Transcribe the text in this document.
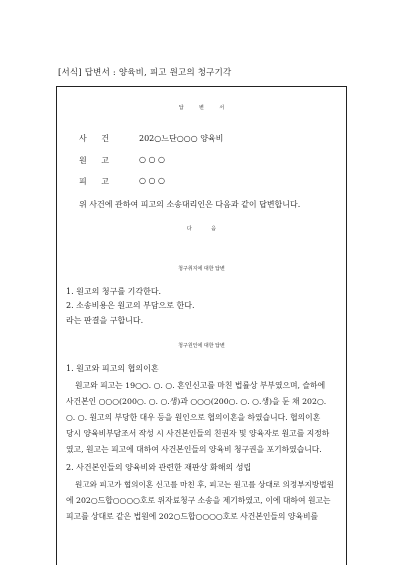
[서식] 답변서 : 양육비, 피고 원고의 청구기각
답 변 서
사 건	202○느단○○○ 양육비
원 고	○ ○ ○
피 고	○ ○ ○
위 사건에 관하여 피고의 소송대리인은 다음과 같이 답변합니다.
다 음
청구취지에 대한 답변
1. 원고의 청구를 기각한다.
2. 소송비용은 원고의 부담으로 한다.
라는 판결을 구합니다.
청구원인에 대한 답변
1. 원고와 피고의 협의이혼
원고와 피고는 19○○. ○. ○. 혼인신고를 마친 법률상 부부였으며, 슬하에
사건본인 ○○○(200○. ○. ○.생)과 ○○○(200○. ○. ○.생)을 둔 채 202○.
○. ○. 원고의 부당한 대우 등을 원인으로 협의이혼을 하였습니다. 협의이혼
당시 양육비부담조서 작성 시 사건본인들의 친권자 및 양육자로 원고를 지정하
였고, 원고는 피고에 대하여 사건본인들의 양육비 청구권을 포기하였습니다.
2. 사건본인들의 양육비와 관련한 재판상 화해의 성립
원고와 피고가 협의이혼 신고를 마친 후, 피고는 원고를 상대로 의정부지방법원
에 202○드합○○○○호로 위자료청구 소송을 제기하였고, 이에 대하여 원고는
피고를 상대로 같은 법원에 202○드합○○○○호로 사건본인들의 양육비를
